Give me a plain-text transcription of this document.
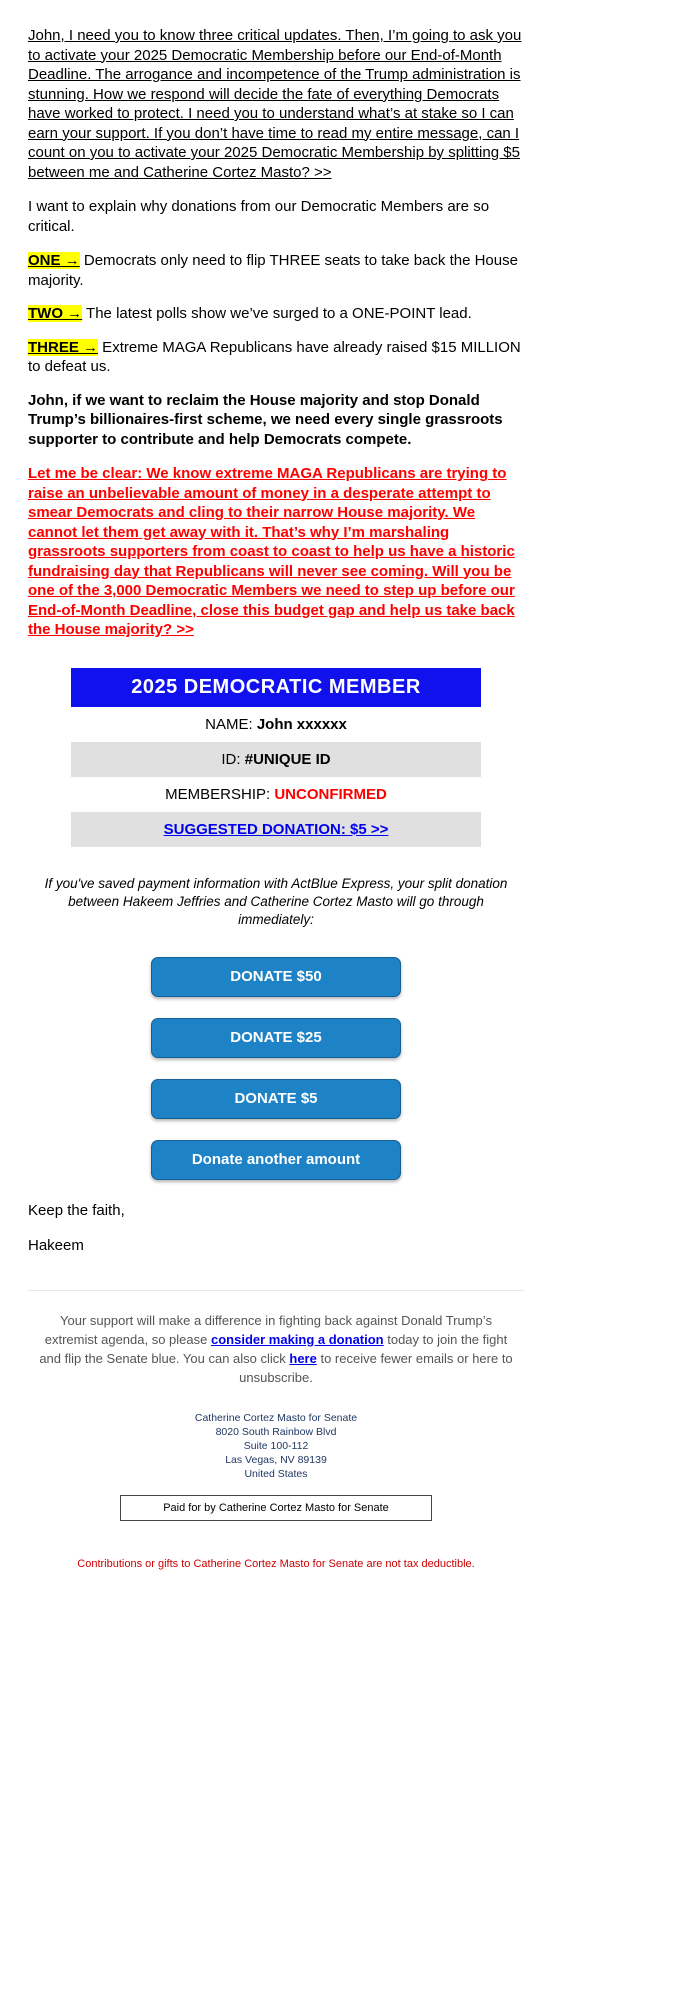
John, I need you to know three critical updates. Then, I’m going to ask you to activate your 2025 Democratic Membership before our End-of-Month Deadline. The arrogance and incompetence of the Trump administration is stunning. How we respond will decide the fate of everything Democrats have worked to protect. I need you to understand what’s at stake so I can earn your support. If you don’t have time to read my entire message, can I count on you to activate your 2025 Democratic Membership by splitting $5 between me and Catherine Cortez Masto? >>

I want to explain why donations from our Democratic Members are so critical.

ONE → Democrats only need to flip THREE seats to take back the House majority.

TWO → The latest polls show we’ve surged to a ONE-POINT lead.

THREE → Extreme MAGA Republicans have already raised $15 MILLION to defeat us.

John, if we want to reclaim the House majority and stop Donald Trump’s billionaires-first scheme, we need every single grassroots supporter to contribute and help Democrats compete.

Let me be clear: We know extreme MAGA Republicans are trying to raise an unbelievable amount of money in a desperate attempt to smear Democrats and cling to their narrow House majority. We cannot let them get away with it. That’s why I’m marshaling grassroots supporters from coast to coast to help us have a historic fundraising day that Republicans will never see coming. Will you be one of the 3,000 Democratic Members we need to step up before our End-of-Month Deadline, close this budget gap and help us take back the House majority? >>

2025 DEMOCRATIC MEMBER
NAME: John xxxxxx
ID: #UNIQUE ID
MEMBERSHIP: UNCONFIRMED
SUGGESTED DONATION: $5 >>

If you've saved payment information with ActBlue Express, your split donation between Hakeem Jeffries and Catherine Cortez Masto will go through immediately:

DONATE $50
DONATE $25
DONATE $5
Donate another amount

Keep the faith,

Hakeem

Your support will make a difference in fighting back against Donald Trump’s extremist agenda, so please consider making a donation today to join the fight and flip the Senate blue. You can also click here to receive fewer emails or here to unsubscribe.

Catherine Cortez Masto for Senate
8020 South Rainbow Blvd
Suite 100-112
Las Vegas, NV 89139
United States
Paid for by Catherine Cortez Masto for Senate

Contributions or gifts to Catherine Cortez Masto for Senate are not tax deductible.
